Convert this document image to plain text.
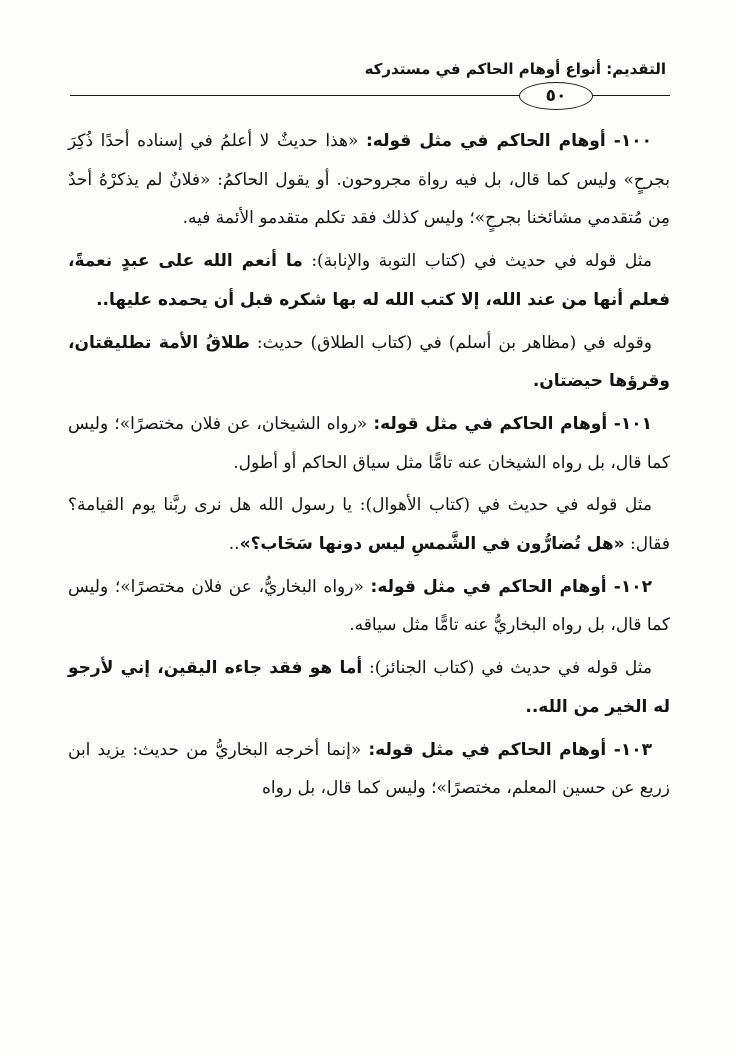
التقديم: أنواع أوهام الحاكم في مستدركه
٥٠

١٠٠- أوهام الحاكم في مثل قوله: «هذا حديثٌ لا أعلمُ في إسناده أحدًا ذُكِرَ بجرحٍ» وليس كما قال، بل فيه رواة مجروحون. أو يقول الحاكمُ: «فلانٌ لم يذكرْهُ أحدٌ مِن مُتقدمي مشائخنا بجرحٍ»؛ وليس كذلك فقد تكلم متقدمو الأئمة فيه.

مثل قوله في حديث في (كتاب التوبة والإنابة): ما أنعم الله على عبدٍ نعمةً، فعلم أنها من عند الله، إلا كتب الله له بها شكره قبل أن يحمده عليها..

وقوله في (مظاهر بن أسلم) في (كتاب الطلاق) حديث: طلاقُ الأمة تطليقتان، وقرؤها حيضتان.

١٠١- أوهام الحاكم في مثل قوله: «رواه الشيخان، عن فلان مختصرًا»؛ وليس كما قال، بل رواه الشيخان عنه تامًّا مثل سياق الحاكم أو أطول.

مثل قوله في حديث في (كتاب الأهوال): يا رسول الله هل نرى ربَّنا يوم القيامة؟ فقال: «هل تُضارُّون في الشَّمسِ ليس دونها سَحَاب؟»..

١٠٢- أوهام الحاكم في مثل قوله: «رواه البخاريُّ، عن فلان مختصرًا»؛ وليس كما قال، بل رواه البخاريُّ عنه تامًّا مثل سياقه.

مثل قوله في حديث في (كتاب الجنائز): أما هو فقد جاءه اليقين، إني لأرجو له الخير من الله..

١٠٣- أوهام الحاكم في مثل قوله: «إنما أخرجه البخاريُّ من حديث: يزيد ابن زريع عن حسين المعلم، مختصرًا»؛ وليس كما قال، بل رواه
